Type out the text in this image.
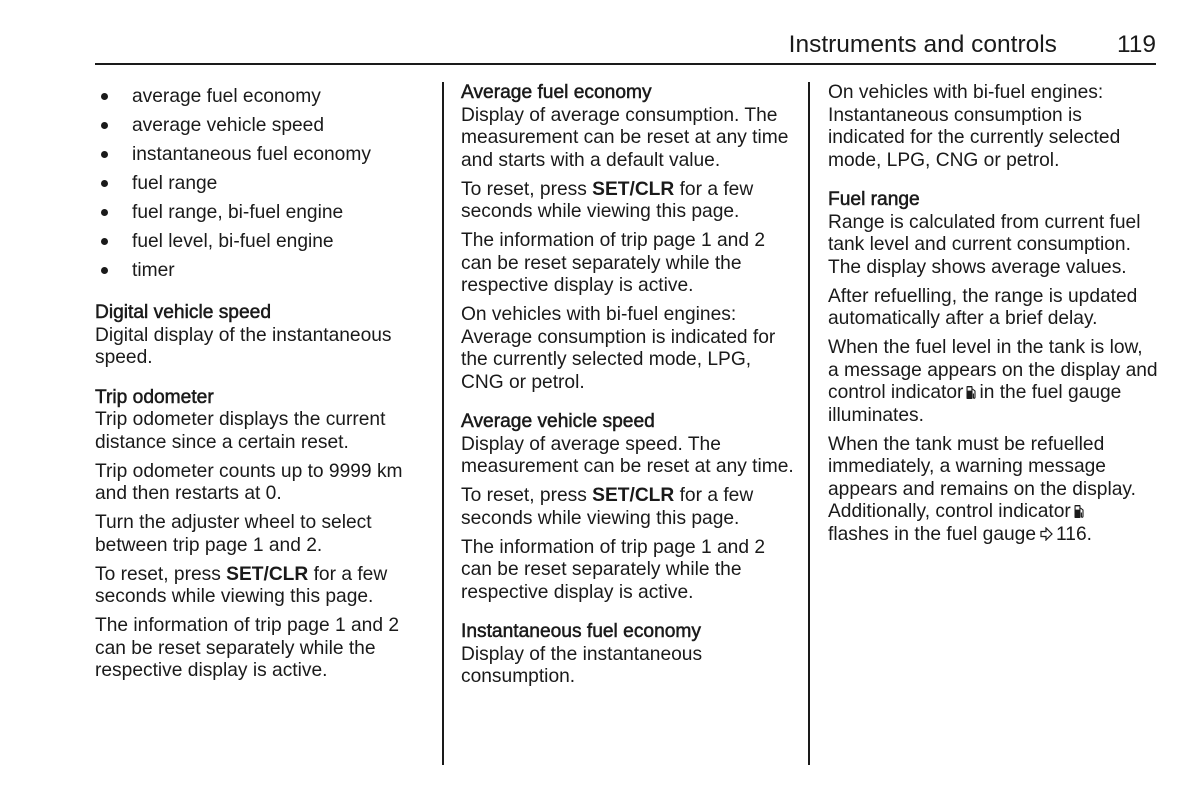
Instruments and controls 119
average fuel economy
average vehicle speed
instantaneous fuel economy
fuel range
fuel range, bi-fuel engine
fuel level, bi-fuel engine
timer
Digital vehicle speed

Digital display of the instantaneous speed.

Trip odometer

Trip odometer displays the current distance since a certain reset.

Trip odometer counts up to 9999 km and then restarts at 0.

Turn the adjuster wheel to select between trip page 1 and 2.

To reset, press SET/CLR for a few seconds while viewing this page.

The information of trip page 1 and 2 can be reset separately while the respective display is active.

Average fuel economy

Display of average consumption. The measurement can be reset at any time and starts with a default value.

To reset, press SET/CLR for a few seconds while viewing this page.

The information of trip page 1 and 2 can be reset separately while the respective display is active.

On vehicles with bi-fuel engines: Average consumption is indicated for the currently selected mode, LPG, CNG or petrol.

Average vehicle speed

Display of average speed. The measurement can be reset at any time.

To reset, press SET/CLR for a few seconds while viewing this page.

The information of trip page 1 and 2 can be reset separately while the respective display is active.

Instantaneous fuel economy

Display of the instantaneous consumption.

On vehicles with bi-fuel engines: Instantaneous consumption is indicated for the currently selected mode, LPG, CNG or petrol.

Fuel range

Range is calculated from current fuel tank level and current consumption. The display shows average values.

After refuelling, the range is updated automatically after a brief delay.

When the fuel level in the tank is low, a message appears on the display and control indicator in the fuel gauge illuminates.

When the tank must be refuelled immediately, a warning message appears and remains on the display. Additionally, control indicator
flashes in the fuel gauge 116.
